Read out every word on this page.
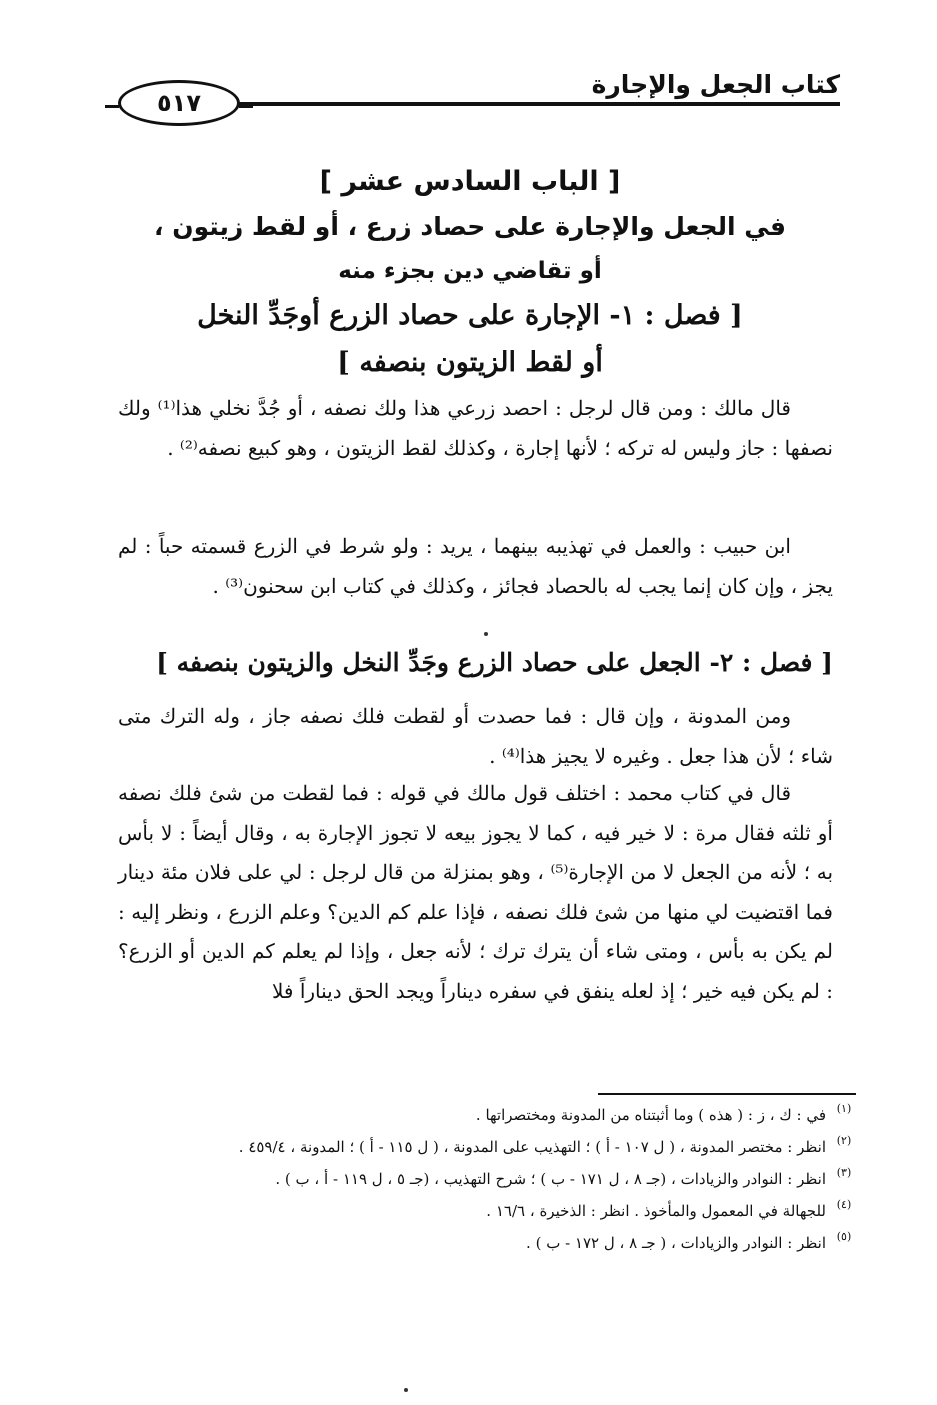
كتاب الجعل والإجارة
٥١٧
[ الباب السادس عشر ]
في الجعل والإجارة على حصاد زرع ، أو لقط زيتون ،
أو تقاضي دين بجزء منه
[ فصل : ١- الإجارة على حصاد الزرع أوجَدِّ النخل
أو لقط الزيتون بنصفه ]
قال مالك : ومن قال لرجل : احصد زرعي هذا ولك نصفه ، أو جُدَّ نخلي هذا⁽¹⁾ ولك نصفها : جاز وليس له تركه ؛ لأنها إجارة ، وكذلك لقط الزيتون ، وهو كبيع نصفه⁽²⁾ .
ابن حبيب : والعمل في تهذيبه بينهما ، يريد : ولو شرط في الزرع قسمته حباً : لم يجز ، وإن كان إنما يجب له بالحصاد فجائز ، وكذلك في كتاب ابن سحنون⁽³⁾ .
[ فصل : ٢- الجعل على حصاد الزرع وجَدِّ النخل والزيتون بنصفه ]
ومن المدونة ، وإن قال : فما حصدت أو لقطت فلك نصفه جاز ، وله الترك متى شاء ؛ لأن هذا جعل . وغيره لا يجيز هذا⁽⁴⁾ .
قال في كتاب محمد : اختلف قول مالك في قوله : فما لقطت من شئ فلك نصفه أو ثلثه فقال مرة : لا خير فيه ، كما لا يجوز بيعه لا تجوز الإجارة به ، وقال أيضاً : لا بأس به ؛ لأنه من الجعل لا من الإجارة⁽⁵⁾ ، وهو بمنزلة من قال لرجل : لي على فلان مئة دينار فما اقتضيت لي منها من شئ فلك نصفه ، فإذا علم كم الدين؟ وعلم الزرع ، ونظر إليه : لم يكن به بأس ، ومتى شاء أن يترك ترك ؛ لأنه جعل ، وإذا لم يعلم كم الدين أو الزرع؟ : لم يكن فيه خير ؛ إذ لعله ينفق في سفره ديناراً ويجد الحق ديناراً فلا
(١)
في : ك ، ز : ( هذه ) وما أثبتناه من المدونة ومختصراتها .
(٢)
انظر : مختصر المدونة ، ( ل ١٠٧ - أ ) ؛ التهذيب على المدونة ، ( ل ١١٥ - أ ) ؛ المدونة ، ٤٥٩/٤ .
(٣)
انظر : النوادر والزيادات ، (جـ ٨ ، ل ١٧١ - ب ) ؛ شرح التهذيب ، (جـ ٥ ، ل ١١٩ - أ ، ب ) .
(٤)
للجهالة في المعمول والمأخوذ . انظر : الذخيرة ، ١٦/٦ .
(٥)
انظر : النوادر والزيادات ، ( جـ ٨ ، ل ١٧٢ - ب ) .
